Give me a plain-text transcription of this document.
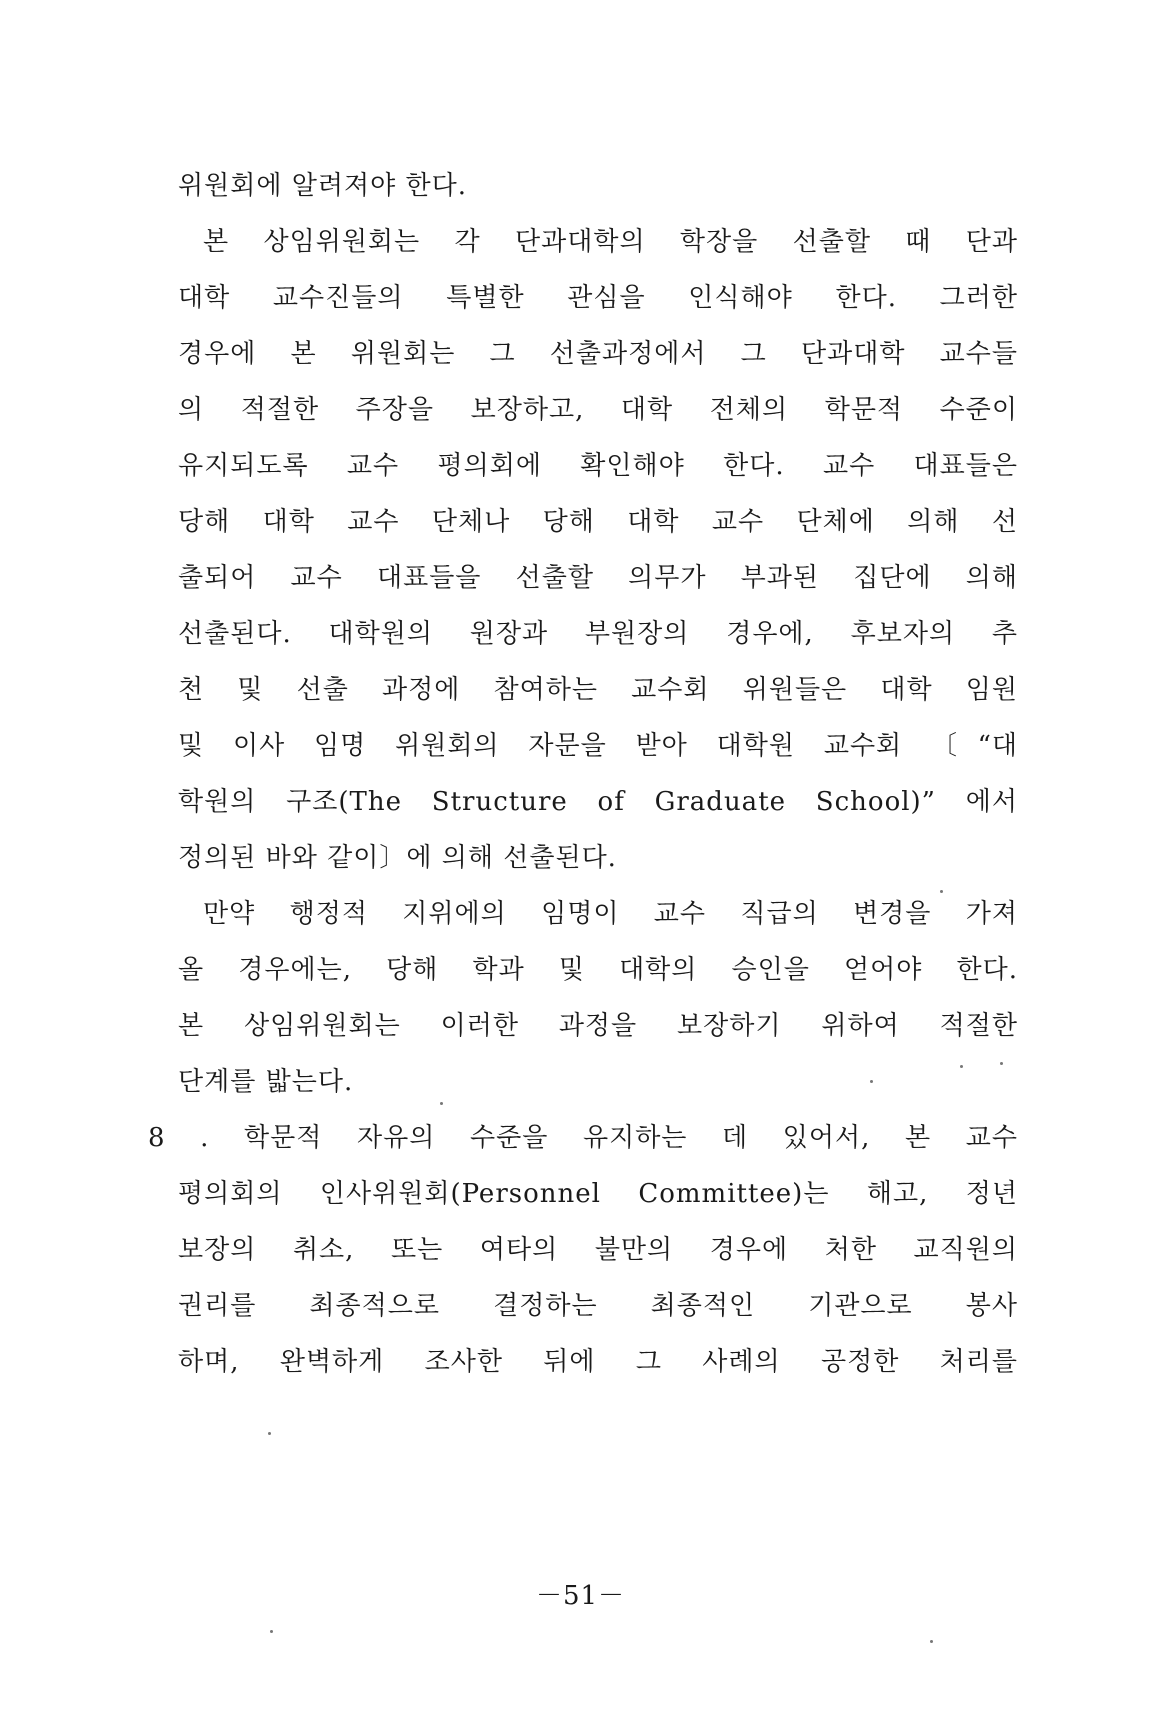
위원회에 알려져야 한다.
본 상임위원회는 각 단과대학의 학장을 선출할 때 단과
대학 교수진들의 특별한 관심을 인식해야 한다. 그러한
경우에 본 위원회는 그 선출과정에서 그 단과대학 교수들
의 적절한 주장을 보장하고, 대학 전체의 학문적 수준이
유지되도록 교수 평의회에 확인해야 한다. 교수 대표들은
당해 대학 교수 단체나 당해 대학 교수 단체에 의해 선
출되어 교수 대표들을 선출할 의무가 부과된 집단에 의해
선출된다. 대학원의 원장과 부원장의 경우에, 후보자의 추
천 및 선출 과정에 참여하는 교수회 위원들은 대학 임원
및 이사 임명 위원회의 자문을 받아 대학원 교수회 〔“대
학원의 구조(The Structure of Graduate School)” 에서
정의된 바와 같이〕에 의해 선출된다.
만약 행정적 지위에의 임명이 교수 직급의 변경을 가져
올 경우에는, 당해 학과 및 대학의 승인을 얻어야 한다.
본 상임위원회는 이러한 과정을 보장하기 위하여 적절한
단계를 밟는다.
8 . 학문적 자유의 수준을 유지하는 데 있어서, 본 교수
평의회의 인사위원회(Personnel Committee)는 해고, 정년
보장의 취소, 또는 여타의 불만의 경우에 처한 교직원의
권리를 최종적으로 결정하는 최종적인 기관으로 봉사
하며, 완벽하게 조사한 뒤에 그 사례의 공정한 처리를
－51－
